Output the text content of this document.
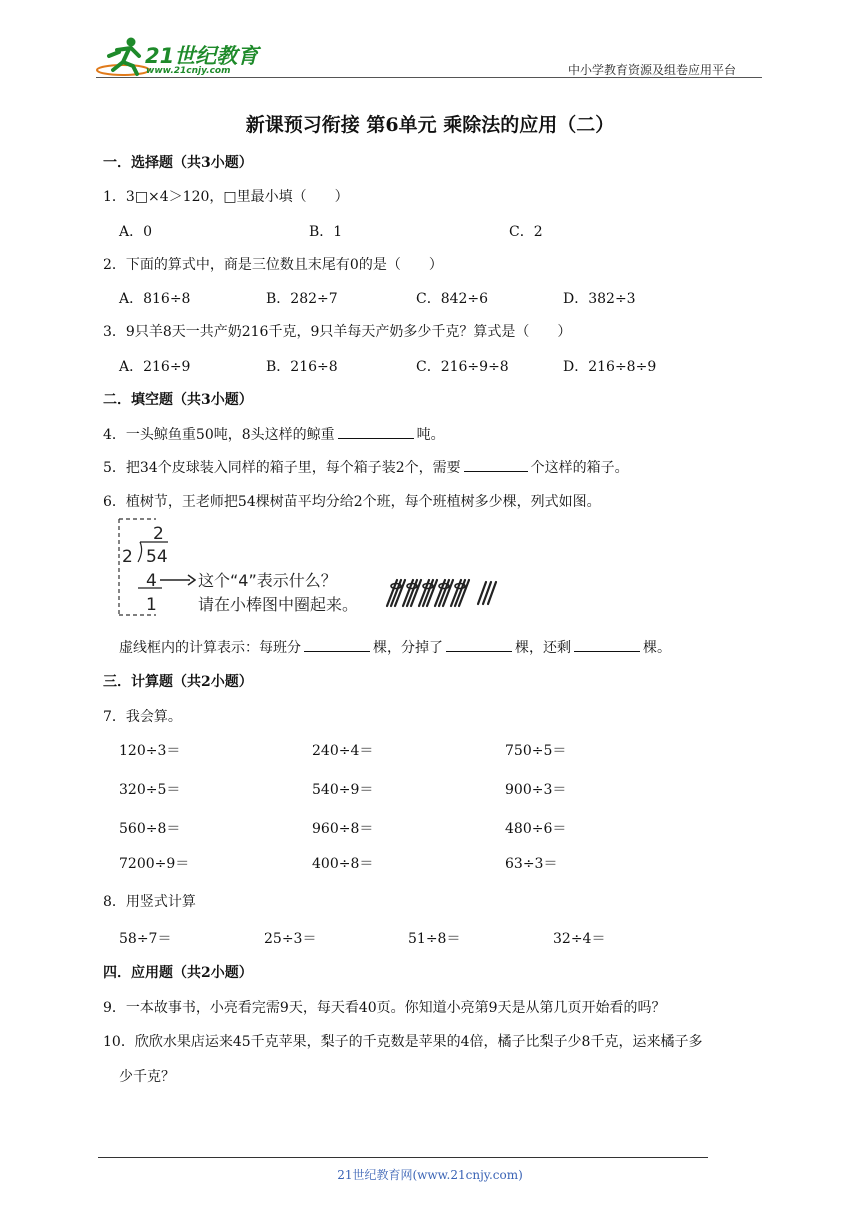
21世纪教育
www.21cnjy.com	中小学教育资源及组卷应用平台
新课预习衔接 第6单元 乘除法的应用（二）
一．选择题（共3小题）
1．3□×4＞120，□里最小填（　　）
A．0	B．1	C．2
2．下面的算式中，商是三位数且末尾有0的是（　　）
A．816÷8	B．282÷7	C．842÷6	D．382÷3
3．9只羊8天一共产奶216千克，9只羊每天产奶多少千克？算式是（　　）
A．216÷9	B．216÷8	C．216÷9÷8	D．216÷8÷9
二．填空题（共3小题）
4．一头鲸鱼重50吨，8头这样的鲸重	吨。
5．把34个皮球装入同样的箱子里，每个箱子装2个，需要	个这样的箱子。
6．植树节，王老师把54棵树苗平均分给2个班，每个班植树多少棵，列式如图。
2
2 54
4
1
这个“4”表示什么？
请在小棒图中圈起来。
虚线框内的计算表示：每班分	棵，分掉了	棵，还剩	棵。
三．计算题（共2小题）
7．我会算。
120÷3＝	240÷4＝	750÷5＝
320÷5＝	540÷9＝	900÷3＝
560÷8＝	960÷8＝	480÷6＝
7200÷9＝	400÷8＝	63÷3＝
8．用竖式计算
58÷7＝	25÷3＝	51÷8＝	32÷4＝
四．应用题（共2小题）
9．一本故事书，小亮看完需9天，每天看40页。你知道小亮第9天是从第几页开始看的吗？
10．欣欣水果店运来45千克苹果，梨子的千克数是苹果的4倍，橘子比梨子少8千克，运来橘子多
少千克？
21世纪教育网(www.21cnjy.com)
